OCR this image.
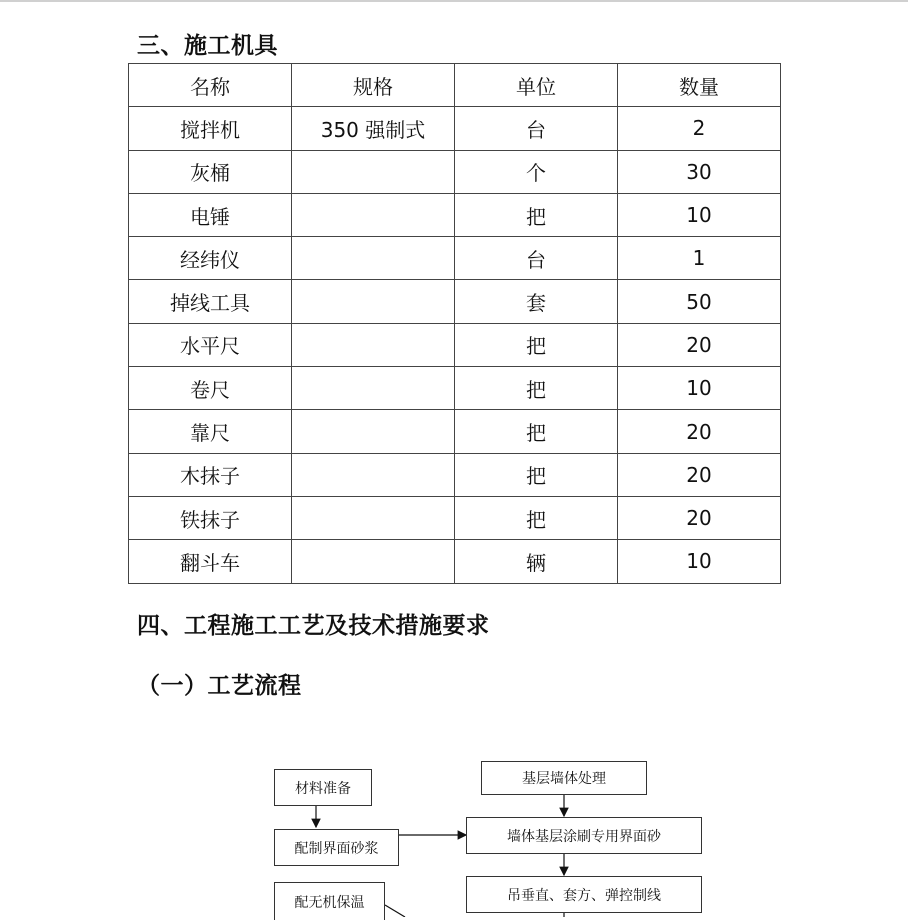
三、施工机具
名称	规格	单位	数量
搅拌机	350 强制式	台	2
灰桶		个	30
电锤		把	10
经纬仪		台	1
掉线工具		套	50
水平尺		把	20
卷尺		把	10
靠尺		把	20
木抹子		把	20
铁抹子		把	20
翻斗车		辆	10
四、工程施工工艺及技术措施要求
（一）工艺流程
材料准备
基层墙体处理
配制界面砂浆
墙体基层涂刷专用界面砂
配无机保温	吊垂直、套方、弹控制线
